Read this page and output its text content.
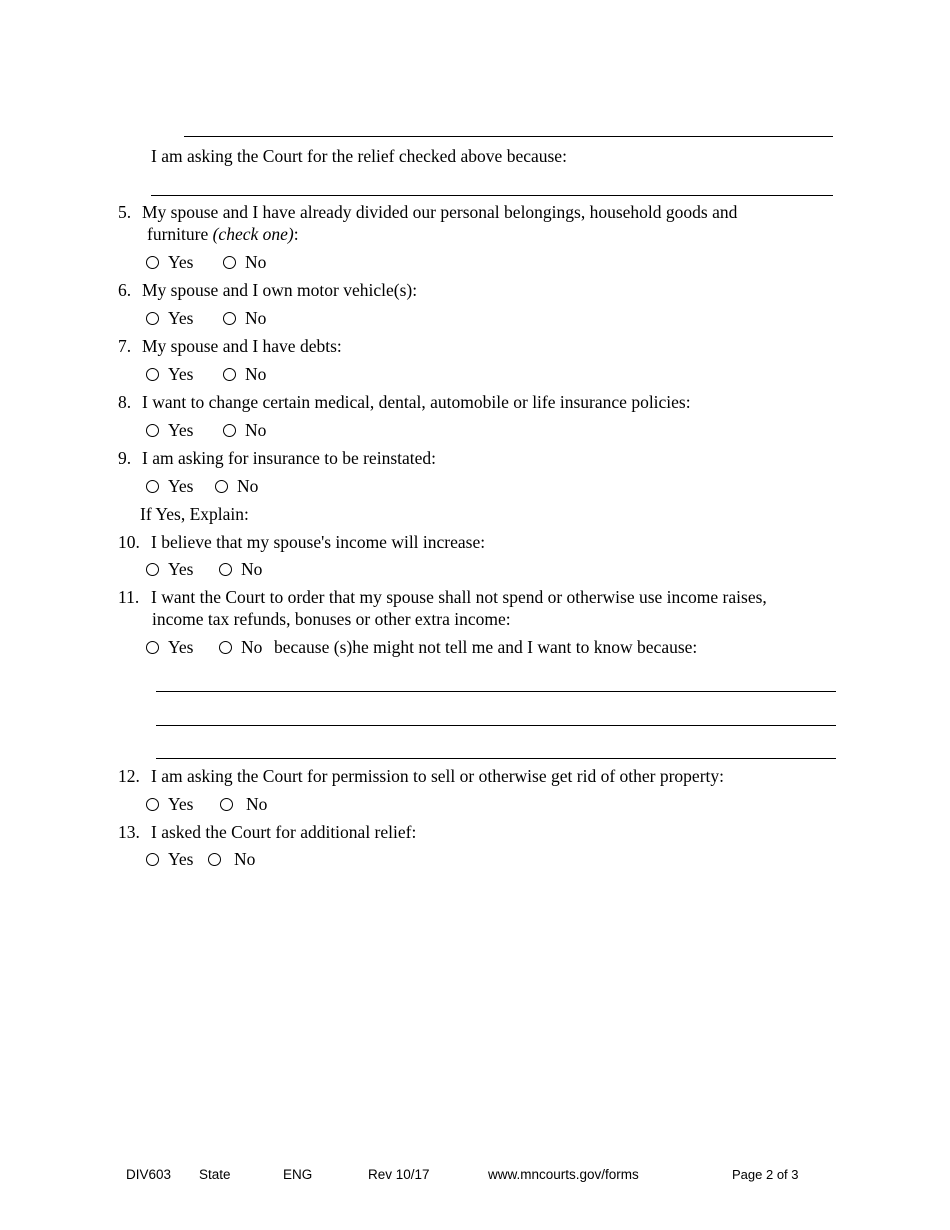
I am asking the Court for the relief checked above because:
5. My spouse and I have already divided our personal belongings, household goods and
furniture (check one):
Yes	No
6. My spouse and I own motor vehicle(s):
Yes	No
7. My spouse and I have debts:
Yes	No
8. I want to change certain medical, dental, automobile or life insurance policies:
Yes	No
9. I am asking for insurance to be reinstated:
Yes	No
If Yes, Explain:
10. I believe that my spouse's income will increase:
Yes	No
11. I want the Court to order that my spouse shall not spend or otherwise use income raises,
income tax refunds, bonuses or other extra income:
Yes	No because (s)he might not tell me and I want to know because:
12. I am asking the Court for permission to sell or otherwise get rid of other property:
Yes	No
13. I asked the Court for additional relief:
Yes	No
DIV603 State	ENG	Rev 10/17	www.mncourts.gov/forms	Page 2 of 3
